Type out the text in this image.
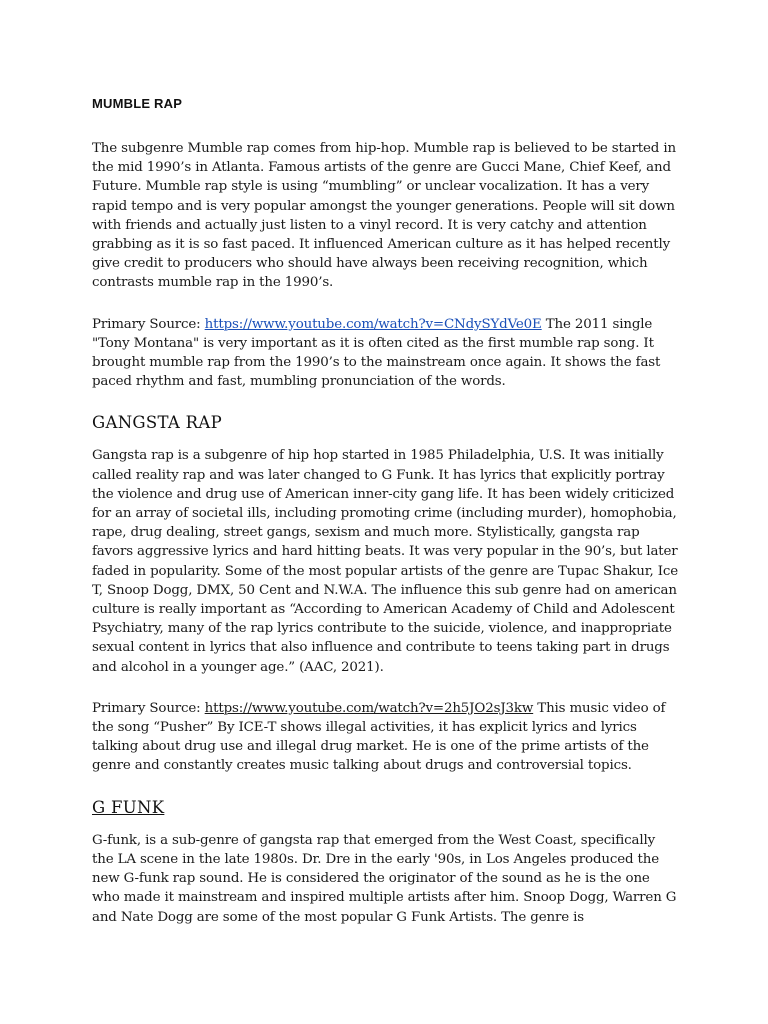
MUMBLE RAP

The subgenre Mumble rap comes from hip-hop. Mumble rap is believed to be started in the mid 1990’s in Atlanta. Famous artists of the genre are Gucci Mane, Chief Keef, and Future. Mumble rap style is using “mumbling” or unclear vocalization. It has a very rapid tempo and is very popular amongst the younger generations. People will sit down with friends and actually just listen to a vinyl record. It is very catchy and attention grabbing as it is so fast paced. It influenced American culture as it has helped recently give credit to producers who should have always been receiving recognition, which contrasts mumble rap in the 1990’s.

Primary Source: https://www.youtube.com/watch?v=CNdySYdVe0E The 2011 single "Tony Montana" is very important as it is often cited as the first mumble rap song. It brought mumble rap from the 1990’s to the mainstream once again. It shows the fast paced rhythm and fast, mumbling pronunciation of the words.

GANGSTA RAP

Gangsta rap is a subgenre of hip hop started in 1985 Philadelphia, U.S. It was initially called reality rap and was later changed to G Funk. It has lyrics that explicitly portray the violence and drug use of American inner-city gang life. It has been widely criticized for an array of societal ills, including promoting crime (including murder), homophobia, rape, drug dealing, street gangs, sexism and much more. Stylistically, gangsta rap favors aggressive lyrics and hard hitting beats. It was very popular in the 90’s, but later faded in popularity. Some of the most popular artists of the genre are Tupac Shakur, Ice T, Snoop Dogg, DMX, 50 Cent and N.W.A. The influence this sub genre had on american culture is really important as “According to American Academy of Child and Adolescent Psychiatry, many of the rap lyrics contribute to the suicide, violence, and inappropriate sexual content in lyrics that also influence and contribute to teens taking part in drugs and alcohol in a younger age.” (AAC, 2021).

Primary Source: https://www.youtube.com/watch?v=2h5JO2sJ3kw This music video of the song “Pusher” By ICE-T shows illegal activities, it has explicit lyrics and lyrics talking about drug use and illegal drug market. He is one of the prime artists of the genre and constantly creates music talking about drugs and controversial topics.

G FUNK

G-funk, is a sub-genre of gangsta rap that emerged from the West Coast, specifically the LA scene in the late 1980s. Dr. Dre in the early '90s, in Los Angeles produced the new G-funk rap sound. He is considered the originator of the sound as he is the one who made it mainstream and inspired multiple artists after him. Snoop Dogg, Warren G and Nate Dogg are some of the most popular G Funk Artists. The genre is
